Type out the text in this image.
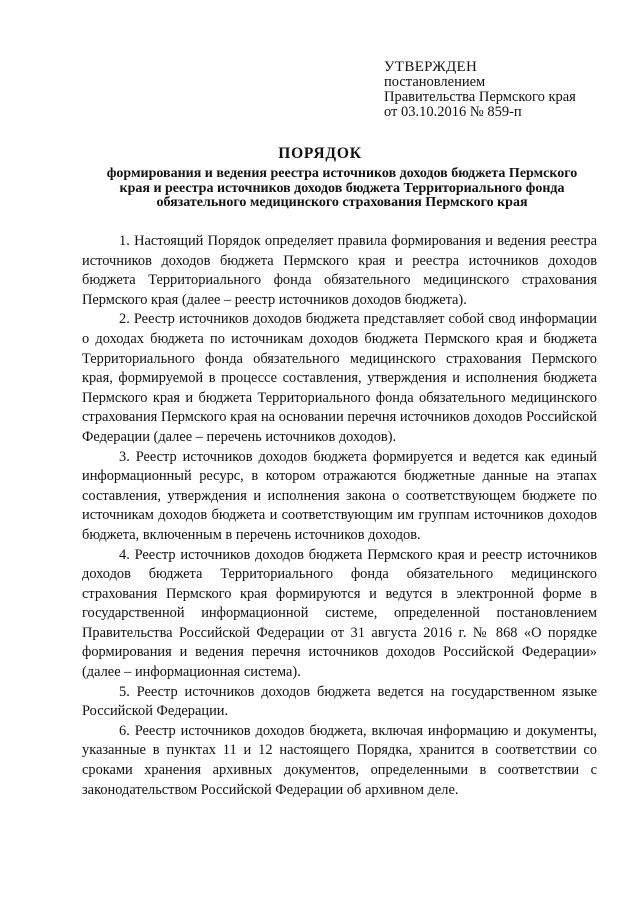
УТВЕРЖДЕН
постановлением
Правительства Пермского края
от 03.10.2016 № 859-п
ПОРЯДОК
формирования и ведения реестра источников доходов бюджета Пермского края и реестра источников доходов бюджета Территориального фонда обязательного медицинского страхования Пермского края

1. Настоящий Порядок определяет правила формирования и ведения реестра источников доходов бюджета Пермского края и реестра источников доходов бюджета Территориального фонда обязательного медицинского страхования Пермского края (далее – реестр источников доходов бюджета).

2. Реестр источников доходов бюджета представляет собой свод информации о доходах бюджета по источникам доходов бюджета Пермского края и бюджета Территориального фонда обязательного медицинского страхования Пермского края, формируемой в процессе составления, утверждения и исполнения бюджета Пермского края и бюджета Территориального фонда обязательного медицинского страхования Пермского края на основании перечня источников доходов Российской Федерации (далее – перечень источников доходов).

3. Реестр источников доходов бюджета формируется и ведется как единый информационный ресурс, в котором отражаются бюджетные данные на этапах составления, утверждения и исполнения закона о соответствующем бюджете по источникам доходов бюджета и соответствующим им группам источников доходов бюджета, включенным в перечень источников доходов.

4. Реестр источников доходов бюджета Пермского края и реестр источников доходов бюджета Территориального фонда обязательного медицинского страхования Пермского края формируются и ведутся в электронной форме в государственной информационной системе, определенной постановлением Правительства Российской Федерации от 31 августа 2016 г. № 868 «О порядке формирования и ведения перечня источников доходов Российской Федерации» (далее – информационная система).

5. Реестр источников доходов бюджета ведется на государственном языке Российской Федерации.

6. Реестр источников доходов бюджета, включая информацию и документы, указанные в пунктах 11 и 12 настоящего Порядка, хранится в соответствии со сроками хранения архивных документов, определенными в соответствии с законодательством Российской Федерации об архивном деле.
